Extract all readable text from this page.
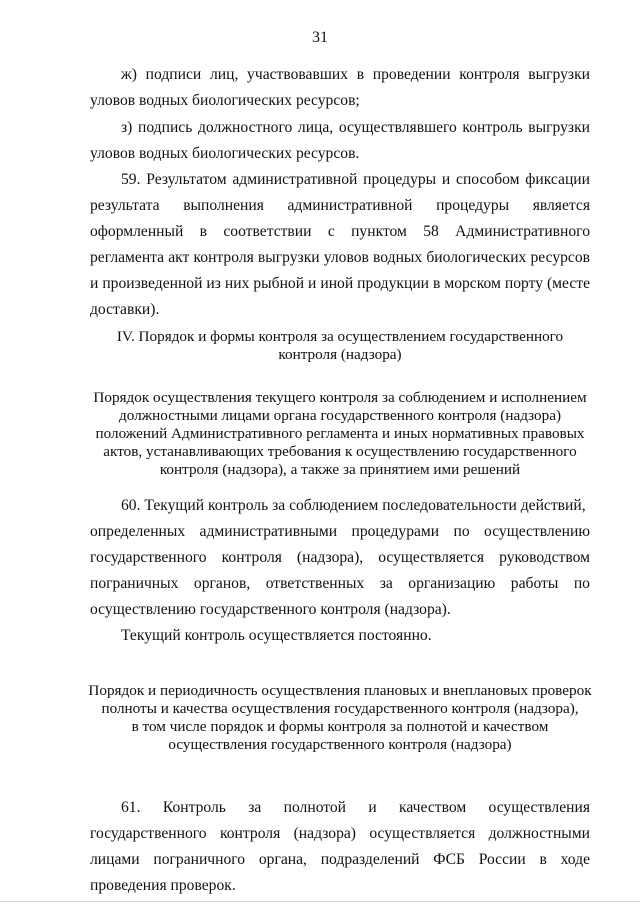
31

ж) подписи лиц, участвовавших в проведении контроля выгрузки уловов водных биологических ресурсов;

з) подпись должностного лица, осуществлявшего контроль выгрузки уловов водных биологических ресурсов.

59. Результатом административной процедуры и способом фиксации результата выполнения административной процедуры является оформленный в соответствии с пунктом 58 Административного регламента акт контроля выгрузки уловов водных биологических ресурсов и произведенной из них рыбной и иной продукции в морском порту (месте доставки).

IV. Порядок и формы контроля за осуществлением государственного
контроля (надзора)
Порядок осуществления текущего контроля за соблюдением и исполнением
должностными лицами органа государственного контроля (надзора)
положений Административного регламента и иных нормативных правовых
актов, устанавливающих требования к осуществлению государственного
контроля (надзора), а также за принятием ими решений
60. Текущий контроль за соблюдением последовательности действий,
определенных административными процедурами по осуществлению
государственного контроля (надзора), осуществляется руководством
пограничных органов, ответственных за организацию работы по
осуществлению государственного контроля (надзора).

Текущий контроль осуществляется постоянно.

Порядок и периодичность осуществления плановых и внеплановых проверок
полноты и качества осуществления государственного контроля (надзора),
в том числе порядок и формы контроля за полнотой и качеством
осуществления государственного контроля (надзора)

61. Контроль за полнотой и качеством осуществления государственного контроля (надзора) осуществляется должностными лицами пограничного органа, подразделений ФСБ России в ходе проведения проверок.
